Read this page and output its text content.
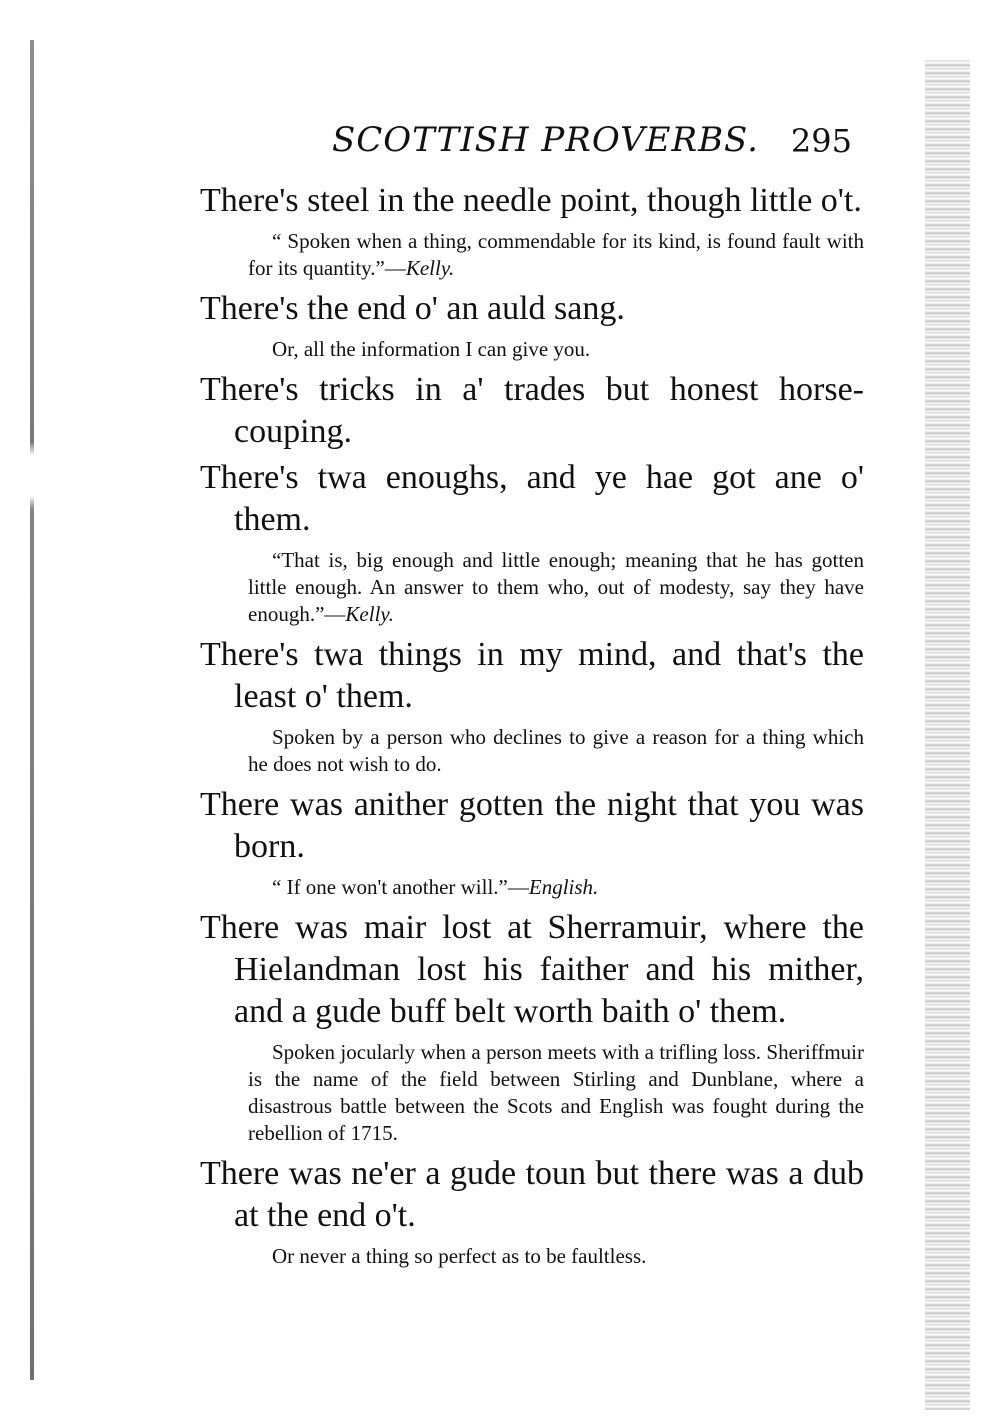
SCOTTISH PROVERBS. 295

There's steel in the needle point, though little o't.

“ Spoken when a thing, commendable for its kind, is found fault with for its quantity.”—Kelly.

There's the end o' an auld sang.

Or, all the information I can give you.

There's tricks in a' trades but honest horse-couping.

There's twa enoughs, and ye hae got ane o' them.

“That is, big enough and little enough; meaning that he has gotten little enough. An answer to them who, out of modesty, say they have enough.”—Kelly.

There's twa things in my mind, and that's the least o' them.

Spoken by a person who declines to give a reason for a thing which he does not wish to do.

There was anither gotten the night that you was born.

“ If one won't another will.”—English.

There was mair lost at Sherramuir, where the Hielandman lost his faither and his mither, and a gude buff belt worth baith o' them.

Spoken jocularly when a person meets with a trifling loss. Sheriffmuir is the name of the field between Stirling and Dunblane, where a disastrous battle between the Scots and English was fought during the rebellion of 1715.

There was ne'er a gude toun but there was a dub at the end o't.

Or never a thing so perfect as to be faultless.
